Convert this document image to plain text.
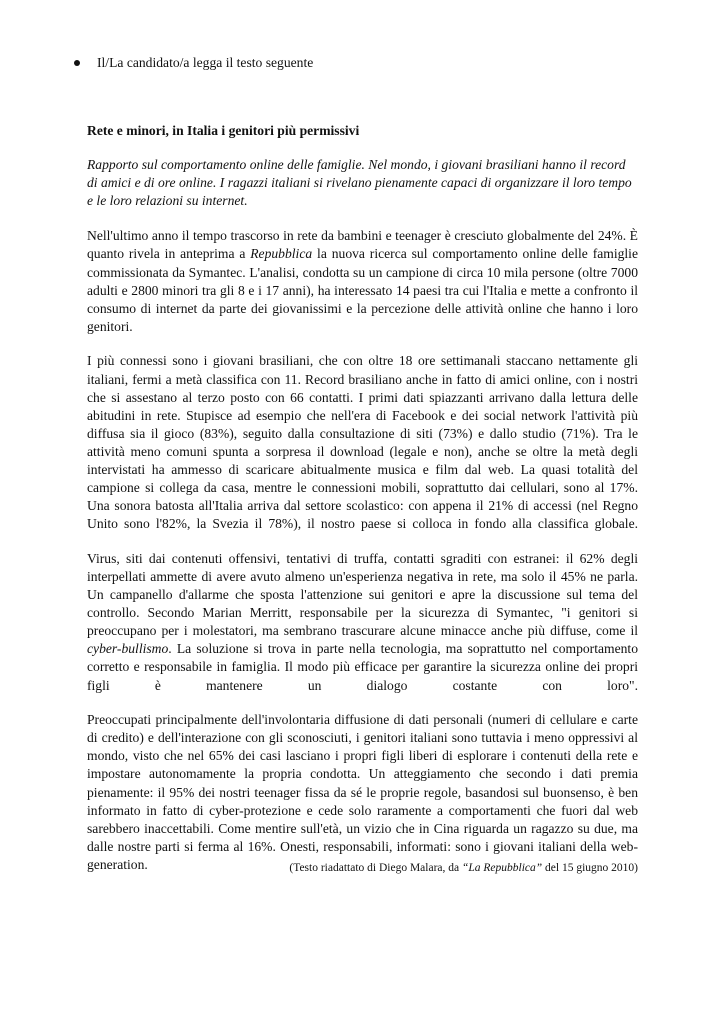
Il/La candidato/a legga il testo seguente

Rete e minori, in Italia i genitori più permissivi

Rapporto sul comportamento online delle famiglie. Nel mondo, i giovani brasiliani hanno il record di amici e di ore online. I ragazzi italiani si rivelano pienamente capaci di organizzare il loro tempo e le loro relazioni su internet.

Nell'ultimo anno il tempo trascorso in rete da bambini e teenager è cresciuto globalmente del 24%. È quanto rivela in anteprima a Repubblica la nuova ricerca sul comportamento online delle famiglie commissionata da Symantec. L'analisi, condotta su un campione di circa 10 mila persone (oltre 7000 adulti e 2800 minori tra gli 8 e i 17 anni), ha interessato 14 paesi tra cui l'Italia e mette a confronto il consumo di internet da parte dei giovanissimi e la percezione delle attività online che hanno i loro genitori.

I più connessi sono i giovani brasiliani, che con oltre 18 ore settimanali staccano nettamente gli italiani, fermi a metà classifica con 11. Record brasiliano anche in fatto di amici online, con i nostri che si assestano al terzo posto con 66 contatti. I primi dati spiazzanti arrivano dalla lettura delle abitudini in rete. Stupisce ad esempio che nell'era di Facebook e dei social network l'attività più diffusa sia il gioco (83%), seguito dalla consultazione di siti (73%) e dallo studio (71%). Tra le attività meno comuni spunta a sorpresa il download (legale e non), anche se oltre la metà degli intervistati ha ammesso di scaricare abitualmente musica e film dal web. La quasi totalità del campione si collega da casa, mentre le connessioni mobili, soprattutto dai cellulari, sono al 17%. Una sonora batosta all'Italia arriva dal settore scolastico: con appena il 21% di accessi (nel Regno Unito sono l'82%, la Svezia il 78%), il nostro paese si colloca in fondo alla classifica globale.

Virus, siti dai contenuti offensivi, tentativi di truffa, contatti sgraditi con estranei: il 62% degli interpellati ammette di avere avuto almeno un'esperienza negativa in rete, ma solo il 45% ne parla. Un campanello d'allarme che sposta l'attenzione sui genitori e apre la discussione sul tema del controllo. Secondo Marian Merritt, responsabile per la sicurezza di Symantec, "i genitori si preoccupano per i molestatori, ma sembrano trascurare alcune minacce anche più diffuse, come il cyber-bullismo. La soluzione si trova in parte nella tecnologia, ma soprattutto nel comportamento corretto e responsabile in famiglia. Il modo più efficace per garantire la sicurezza online dei propri figli è mantenere un dialogo costante con loro".

Preoccupati principalmente dell'involontaria diffusione di dati personali (numeri di cellulare e carte di credito) e dell'interazione con gli sconosciuti, i genitori italiani sono tuttavia i meno oppressivi al mondo, visto che nel 65% dei casi lasciano i propri figli liberi di esplorare i contenuti della rete e impostare autonomamente la propria condotta. Un atteggiamento che secondo i dati premia pienamente: il 95% dei nostri teenager fissa da sé le proprie regole, basandosi sul buonsenso, è ben informato in fatto di cyber-protezione e cede solo raramente a comportamenti che fuori dal web sarebbero inaccettabili. Come mentire sull'età, un vizio che in Cina riguarda un ragazzo su due, ma dalle nostre parti si ferma al 16%. Onesti, responsabili, informati: sono i giovani italiani della web-generation.	(Testo riadattato di Diego Malara, da “La Repubblica” del 15 giugno 2010)
